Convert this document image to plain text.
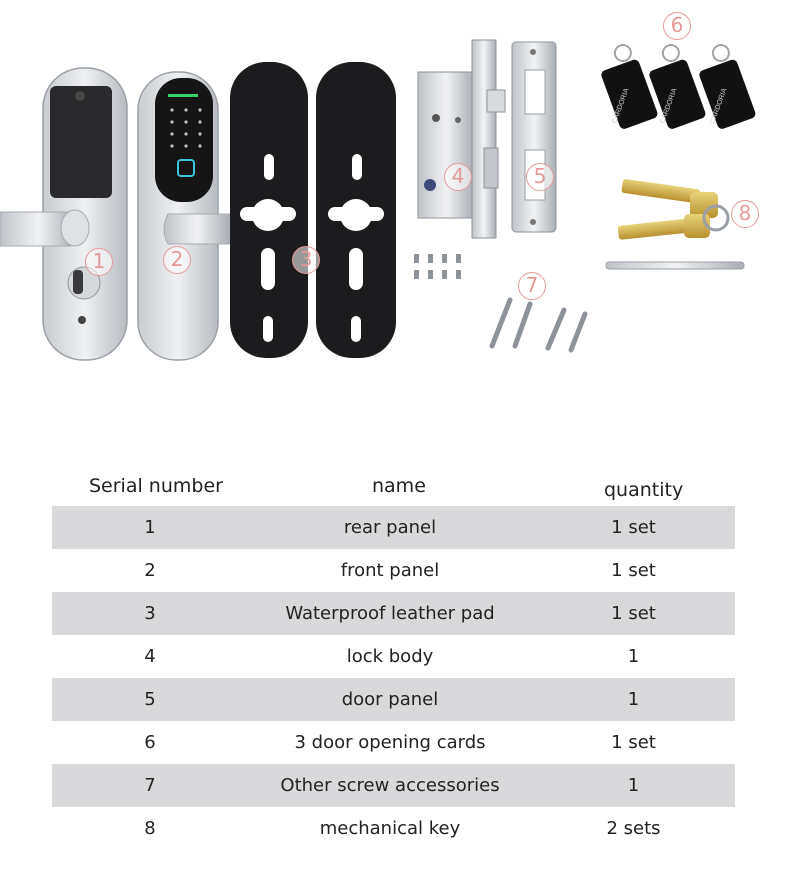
CARDORIA	CARDORIA	CARDORIA
1	2	3
4	5
6
7
8
Serial number	name	quantity
1	rear panel	1 set
2	front panel	1 set
3	Waterproof leather pad	1 set
4	lock body	1
5	door panel	1
6	3 door opening cards	1 set
7	Other screw accessories	1
8	mechanical key	2 sets
